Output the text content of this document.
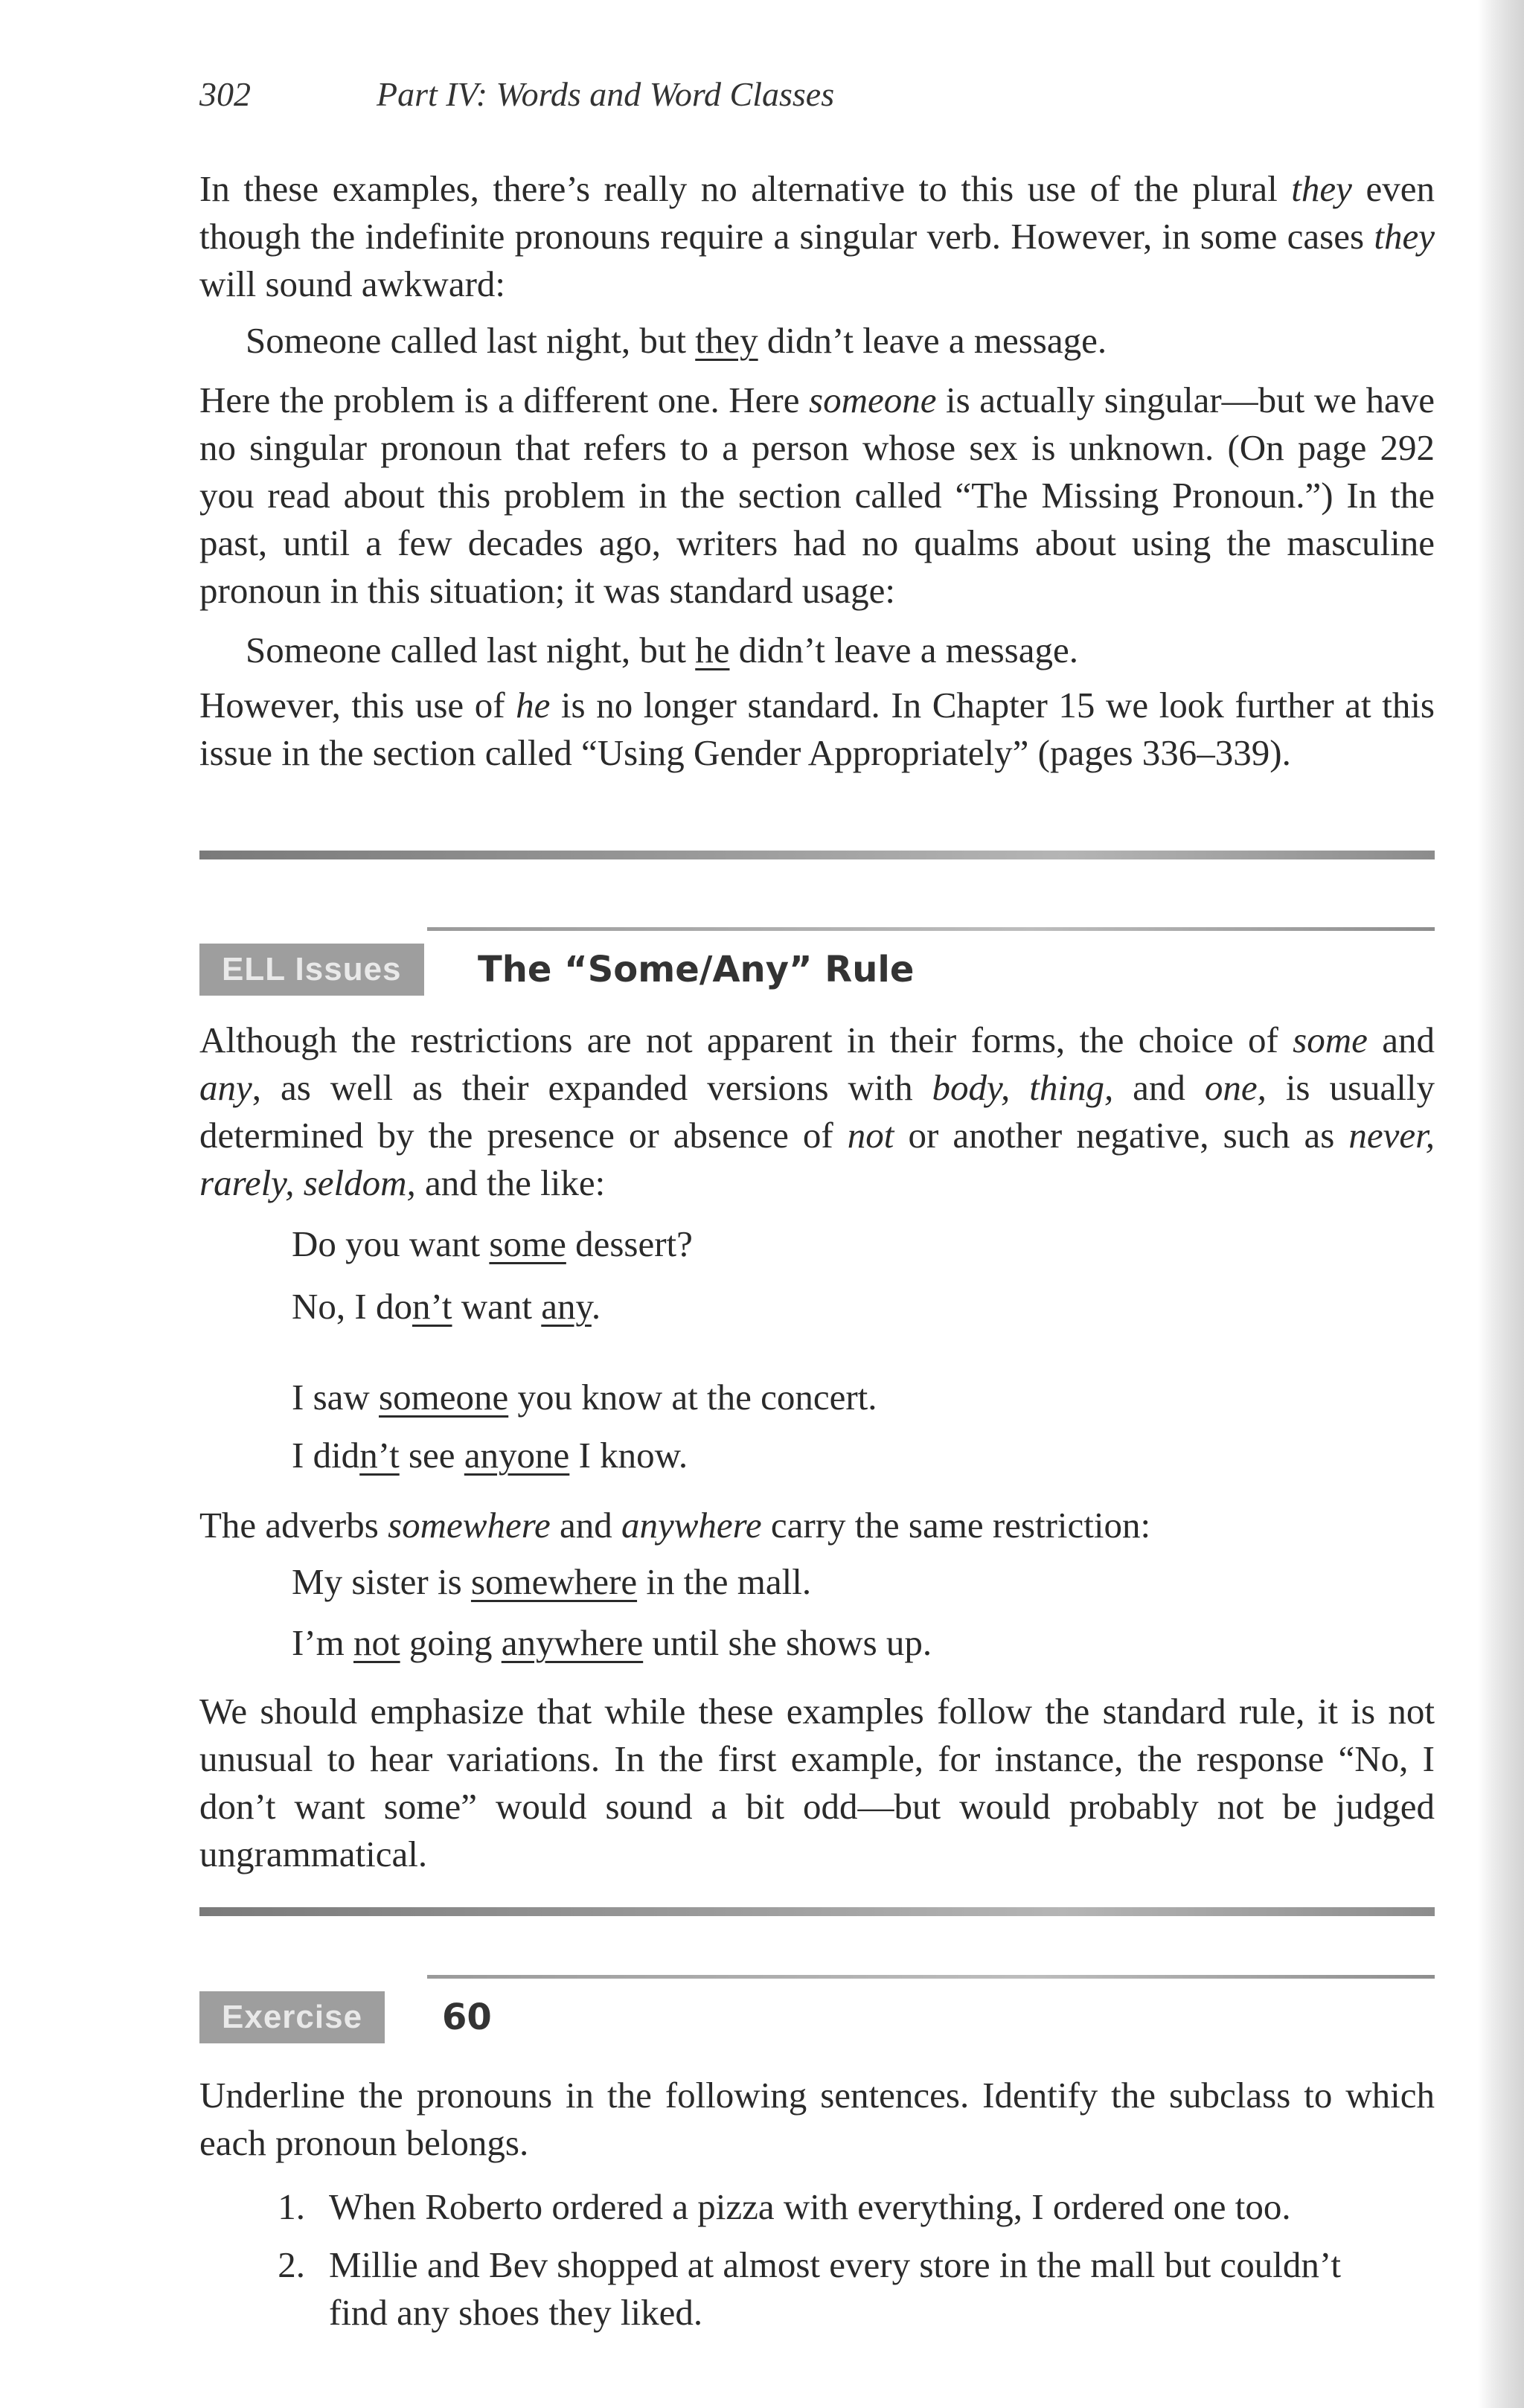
302	Part IV: Words and Word Classes

In these examples, there’s really no alternative to this use of the plural they even though the indefinite pronouns require a singular verb. However, in some cases they will sound awkward:

Someone called last night, but they didn’t leave a message.

Here the problem is a different one. Here someone is actually singular—but we have no singular pronoun that refers to a person whose sex is unknown. (On page 292 you read about this problem in the section called “The Missing Pronoun.”) In the past, until a few decades ago, writers had no qualms about using the masculine pronoun in this situation; it was standard usage:

Someone called last night, but he didn’t leave a message.

However, this use of he is no longer standard. In Chapter 15 we look further at this issue in the section called “Using Gender Appropriately” (pages 336–339).

ELL Issues	The “Some/Any” Rule

Although the restrictions are not apparent in their forms, the choice of some and any, as well as their expanded versions with body, thing, and one, is usually determined by the presence or absence of not or another negative, such as never, rarely, seldom, and the like:

Do you want some dessert?

No, I don’t want any.

I saw someone you know at the concert.

I didn’t see anyone I know.

The adverbs somewhere and anywhere carry the same restriction:

My sister is somewhere in the mall.

I’m not going anywhere until she shows up.

We should emphasize that while these examples follow the standard rule, it is not unusual to hear variations. In the first example, for instance, the response “No, I don’t want some” would sound a bit odd—but would probably not be judged ungrammatical.

Exercise	60

Underline the pronouns in the following sentences. Identify the subclass to which each pronoun belongs.

1. When Roberto ordered a pizza with everything, I ordered one too.
2. Millie and Bev shopped at almost every store in the mall but couldn’t find any shoes they liked.
